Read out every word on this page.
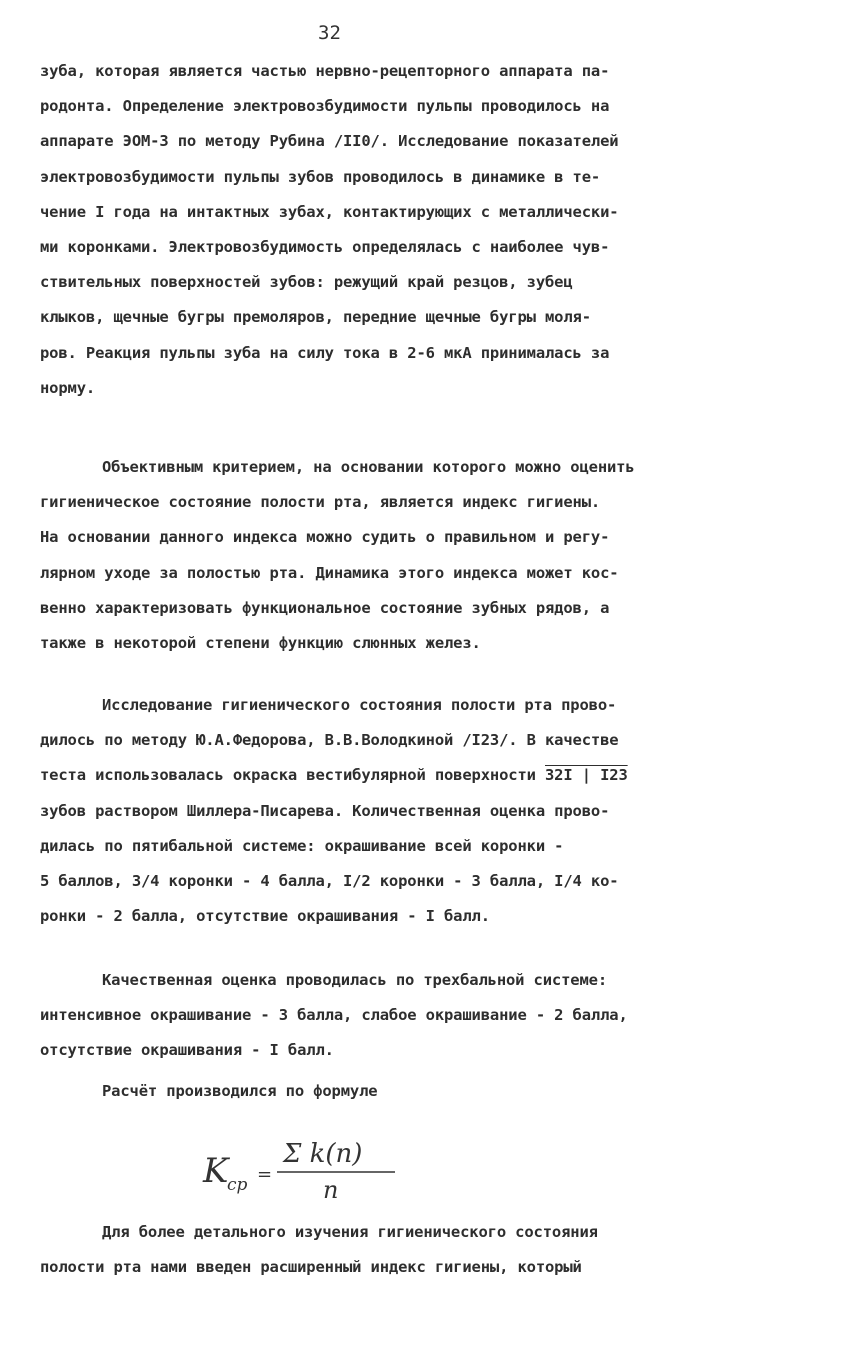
32
зуба, которая является частью нервно-рецепторного аппарата па-
родонта. Определение электровозбудимости пульпы проводилось на
аппарате ЭОМ-3 по методу Рубина /II0/. Исследование показателей
электровозбудимости пульпы зубов проводилось в динамике в те-
чение I года на интактных зубах, контактирующих с металлически-
ми коронками. Электровозбудимость определялась с наиболее чув-
ствительных поверхностей зубов: режущий край резцов, зубец
клыков, щечные бугры премоляров, передние щечные бугры моля-
ров. Реакция пульпы зуба на силу тока в 2-6 мкА принималась за
норму.
Объективным критерием, на основании которого можно оценить
гигиеническое состояние полости рта, является индекс гигиены.
На основании данного индекса можно судить о правильном и регу-
лярном уходе за полостью рта. Динамика этого индекса может кос-
венно характеризовать функциональное состояние зубных рядов, а
также в некоторой степени функцию слюнных желез.
Исследование гигиенического состояния полости рта прово-
дилось по методу Ю.А.Федорова, В.В.Володкиной /I23/. В качестве
теста использовалась окраска вестибулярной поверхности 32I | I23
зубов раствором Шиллера-Писарева. Количественная оценка прово-
дилась по пятибальной системе: окрашивание всей коронки -
5 баллов, 3/4 коронки - 4 балла, I/2 коронки - 3 балла, I/4 ко-
ронки - 2 балла, отсутствие окрашивания - I балл.
Качественная оценка проводилась по трехбальной системе:
интенсивное окрашивание - 3 балла, слабое окрашивание - 2 балла,
отсутствие окрашивания - I балл.
Расчёт производился по формуле
K
ср =
Σ k(n)
n
Для более детального изучения гигиенического состояния
полости рта нами введен расширенный индекс гигиены, который
